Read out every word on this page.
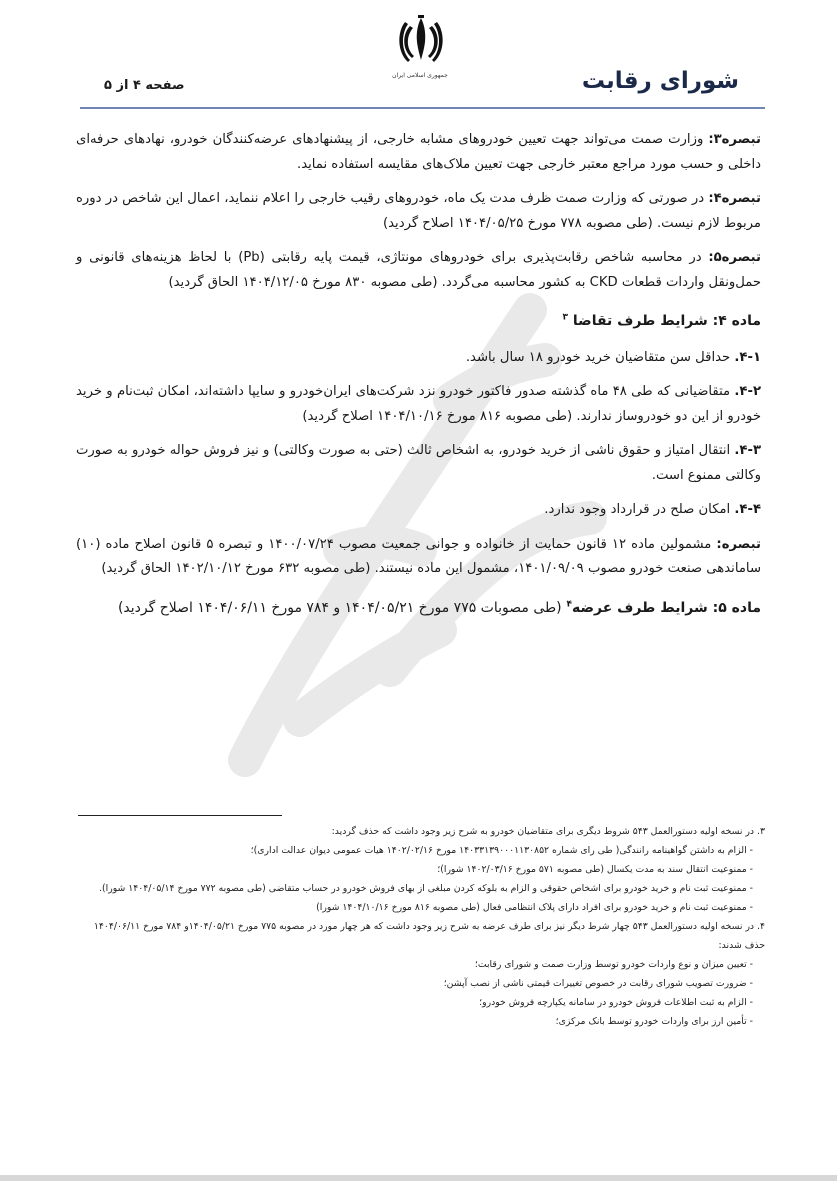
جمهوری اسلامی ایران	شورای رقابت
صفحه ۴ از ۵

تبصره۳: وزارت صمت می‌تواند جهت تعیین خودروهای مشابه خارجی، از پیشنهادهای عرضه‌کنندگان خودرو، نهادهای حرفه‌ای داخلی و حسب مورد مراجع معتبر خارجی جهت تعیین ملاک‌های مقایسه استفاده نماید.

تبصره۴: در صورتی که وزارت صمت ظرف مدت یک ماه، خودروهای رقیب خارجی را اعلام ننماید، اعمال این شاخص در دوره مربوط لازم نیست. (طی مصوبه ۷۷۸ مورخ ۱۴۰۴/۰۵/۲۵ اصلاح گردید)

تبصره۵: در محاسبه شاخص رقابت‌پذیری برای خودروهای مونتاژی، قیمت پایه رقابتی (Pb) با لحاظ هزینه‌های قانونی و حمل‌ونقل واردات قطعات CKD به کشور محاسبه می‌گردد. (طی مصوبه ۸۳۰ مورخ ۱۴۰۴/۱۲/۰۵ الحاق گردید)

ماده ۴: شرایط طرف تقاضا $^۳$

۴-۱. حداقل سن متقاضیان خرید خودرو ۱۸ سال باشد.

۴-۲. متقاضیانی که طی ۴۸ ماه گذشته صدور فاکتور خودرو نزد شرکت‌های ایران‌خودرو و سایپا داشته‌اند، امکان ثبت‌نام و خرید خودرو از این دو خودروساز ندارند. (طی مصوبه ۸۱۶ مورخ ۱۴۰۴/۱۰/۱۶ اصلاح گردید)

۴-۳. انتقال امتیاز و حقوق ناشی از خرید خودرو، به اشخاص ثالث (حتی به صورت وکالتی) و نیز فروش حواله خودرو به صورت وکالتی ممنوع است.

۴-۴. امکان صلح در قرارداد وجود ندارد.

تبصره: مشمولین ماده ۱۲ قانون حمایت از خانواده و جوانی جمعیت مصوب ۱۴۰۰/۰۷/۲۴ و تبصره ۵ قانون اصلاح ماده (۱۰) ساماندهی صنعت خودرو مصوب ۱۴۰۱/۰۹/۰۹، مشمول این ماده نیستند. (طی مصوبه ۶۳۲ مورخ ۱۴۰۲/۱۰/۱۲ الحاق گردید)

ماده ۵: شرایط طرف عرضه$^۴$ (طی مصوبات ۷۷۵ مورخ ۱۴۰۴/۰۵/۲۱ و ۷۸۴ مورخ ۱۴۰۴/۰۶/۱۱ اصلاح گردید)

۳. در نسخه اولیه دستورالعمل ۵۴۳ شروط دیگری برای متقاضیان خودرو به شرح زیر وجود داشت که حذف گردید:

- الزام به داشتن گواهینامه رانندگی( طی رای شماره ۱۴۰۳۳۱۳۹۰۰۰۱۱۳۰۸۵۲ مورخ ۱۴۰۲/۰۲/۱۶ هیات عمومی دیوان عدالت اداری)؛

- ممنوعیت انتقال سند به مدت یکسال (طی مصوبه ۵۷۱ مورخ ۱۴۰۲/۰۳/۱۶ شورا)؛

- ممنوعیت ثبت نام و خرید خودرو برای اشخاص حقوقی و الزام به بلوکه کردن مبلغی از بهای فروش خودرو در حساب متقاضی (طی مصوبه ۷۷۲ مورخ ۱۴۰۴/۰۵/۱۴ شورا).

- ممنوعیت ثبت نام و خرید خودرو برای افراد دارای پلاک انتظامی فعال (طی مصوبه ۸۱۶ مورخ ۱۴۰۴/۱۰/۱۶ شورا)

۴. در نسخه اولیه دستورالعمل ۵۴۳ چهار شرط دیگر نیز برای طرف عرضه به شرح زیر وجود داشت که هر چهار مورد در مصوبه ۷۷۵ مورخ ۱۴۰۴/۰۵/۲۱و ۷۸۴ مورخ ۱۴۰۴/۰۶/۱۱ حذف شدند:

- تعیین میزان و نوع واردات خودرو توسط وزارت صمت و شورای رقابت؛

- ضرورت تصویب شورای رقابت در خصوص تغییرات قیمتی ناشی از نصب آپشن؛

- الزام به ثبت اطلاعات فروش خودرو در سامانه یکپارچه فروش خودرو؛

- تأمین ارز برای واردات خودرو توسط بانک مرکزی؛
